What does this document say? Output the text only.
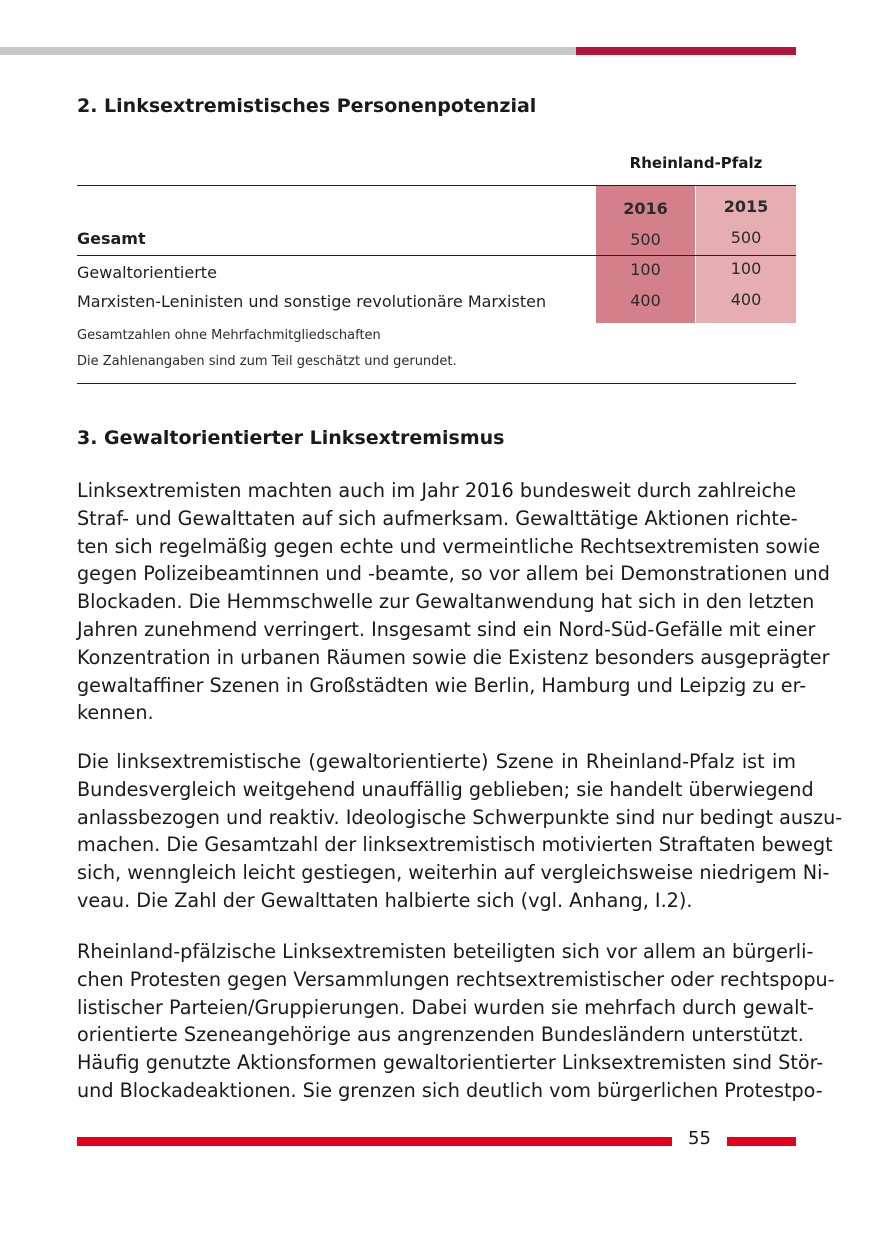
2. Linksextremistisches Personenpotenzial
Rheinland-Pfalz
2016	2015
Gesamt	500	500
Gewaltorientierte	100	100
Marxisten-Leninisten und sonstige revolutionäre Marxisten	400	400
Gesamtzahlen ohne Mehrfachmitgliedschaften
Die Zahlenangaben sind zum Teil geschätzt und gerundet.
3. Gewaltorientierter Linksextremismus

Linksextremisten machten auch im Jahr 2016 bundesweit durch zahlreiche
Straf- und Gewalttaten auf sich aufmerksam. Gewalttätige Aktionen richte-
ten sich regelmäßig gegen echte und vermeintliche Rechtsextremisten sowie
gegen Polizeibeamtinnen und -beamte, so vor allem bei Demonstrationen und
Blockaden. Die Hemmschwelle zur Gewaltanwendung hat sich in den letzten
Jahren zunehmend verringert. Insgesamt sind ein Nord-Süd-Gefälle mit einer
Konzentration in urbanen Räumen sowie die Existenz besonders ausgeprägter
gewaltaffiner Szenen in Großstädten wie Berlin, Hamburg und Leipzig zu er-
kennen.

Die linksextremistische (gewaltorientierte) Szene in Rheinland-Pfalz ist im
Bundesvergleich weitgehend unauffällig geblieben; sie handelt überwiegend
anlassbezogen und reaktiv. Ideologische Schwerpunkte sind nur bedingt auszu-
machen. Die Gesamtzahl der linksextremistisch motivierten Straftaten bewegt
sich, wenngleich leicht gestiegen, weiterhin auf vergleichsweise niedrigem Ni-
veau. Die Zahl der Gewalttaten halbierte sich (vgl. Anhang, I.2).

Rheinland-pfälzische Linksextremisten beteiligten sich vor allem an bürgerli-
chen Protesten gegen Versammlungen rechtsextremistischer oder rechtspopu-
listischer Parteien/Gruppierungen. Dabei wurden sie mehrfach durch gewalt-
orientierte Szeneangehörige aus angrenzenden Bundesländern unterstützt.
Häufig genutzte Aktionsformen gewaltorientierter Linksextremisten sind Stör-
und Blockadeaktionen. Sie grenzen sich deutlich vom bürgerlichen Protestpo-

55
